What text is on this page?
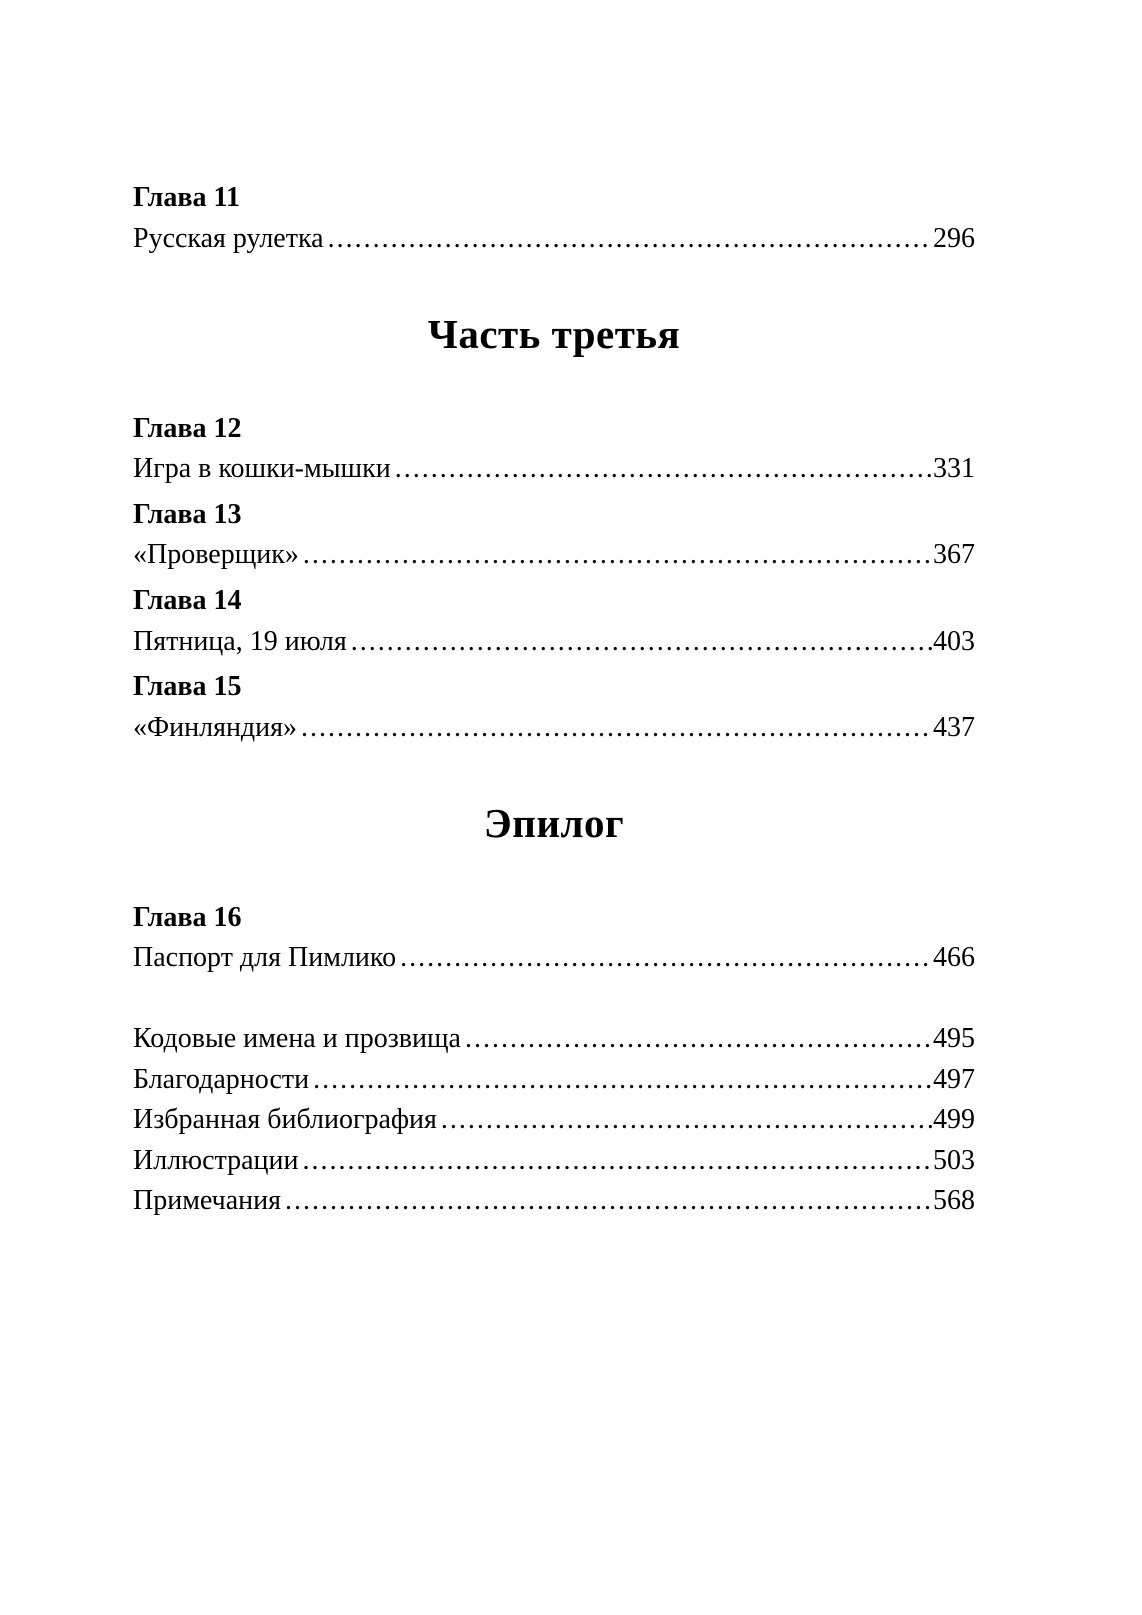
Глава 11
Русская рулетка .....	296
Часть третья
Глава 12
Игра в кошки-мышки .....	331
Глава 13
«Проверщик» .....	367
Глава 14
Пятница, 19 июля .....	403
Глава 15
«Финляндия» .....	437
Эпилог
Глава 16
Паспорт для Пимлико .....	466
Кодовые имена и прозвища .....	495
Благодарности .....	497
Избранная библиография .....	499
Иллюстрации .....	503
Примечания .....	568
